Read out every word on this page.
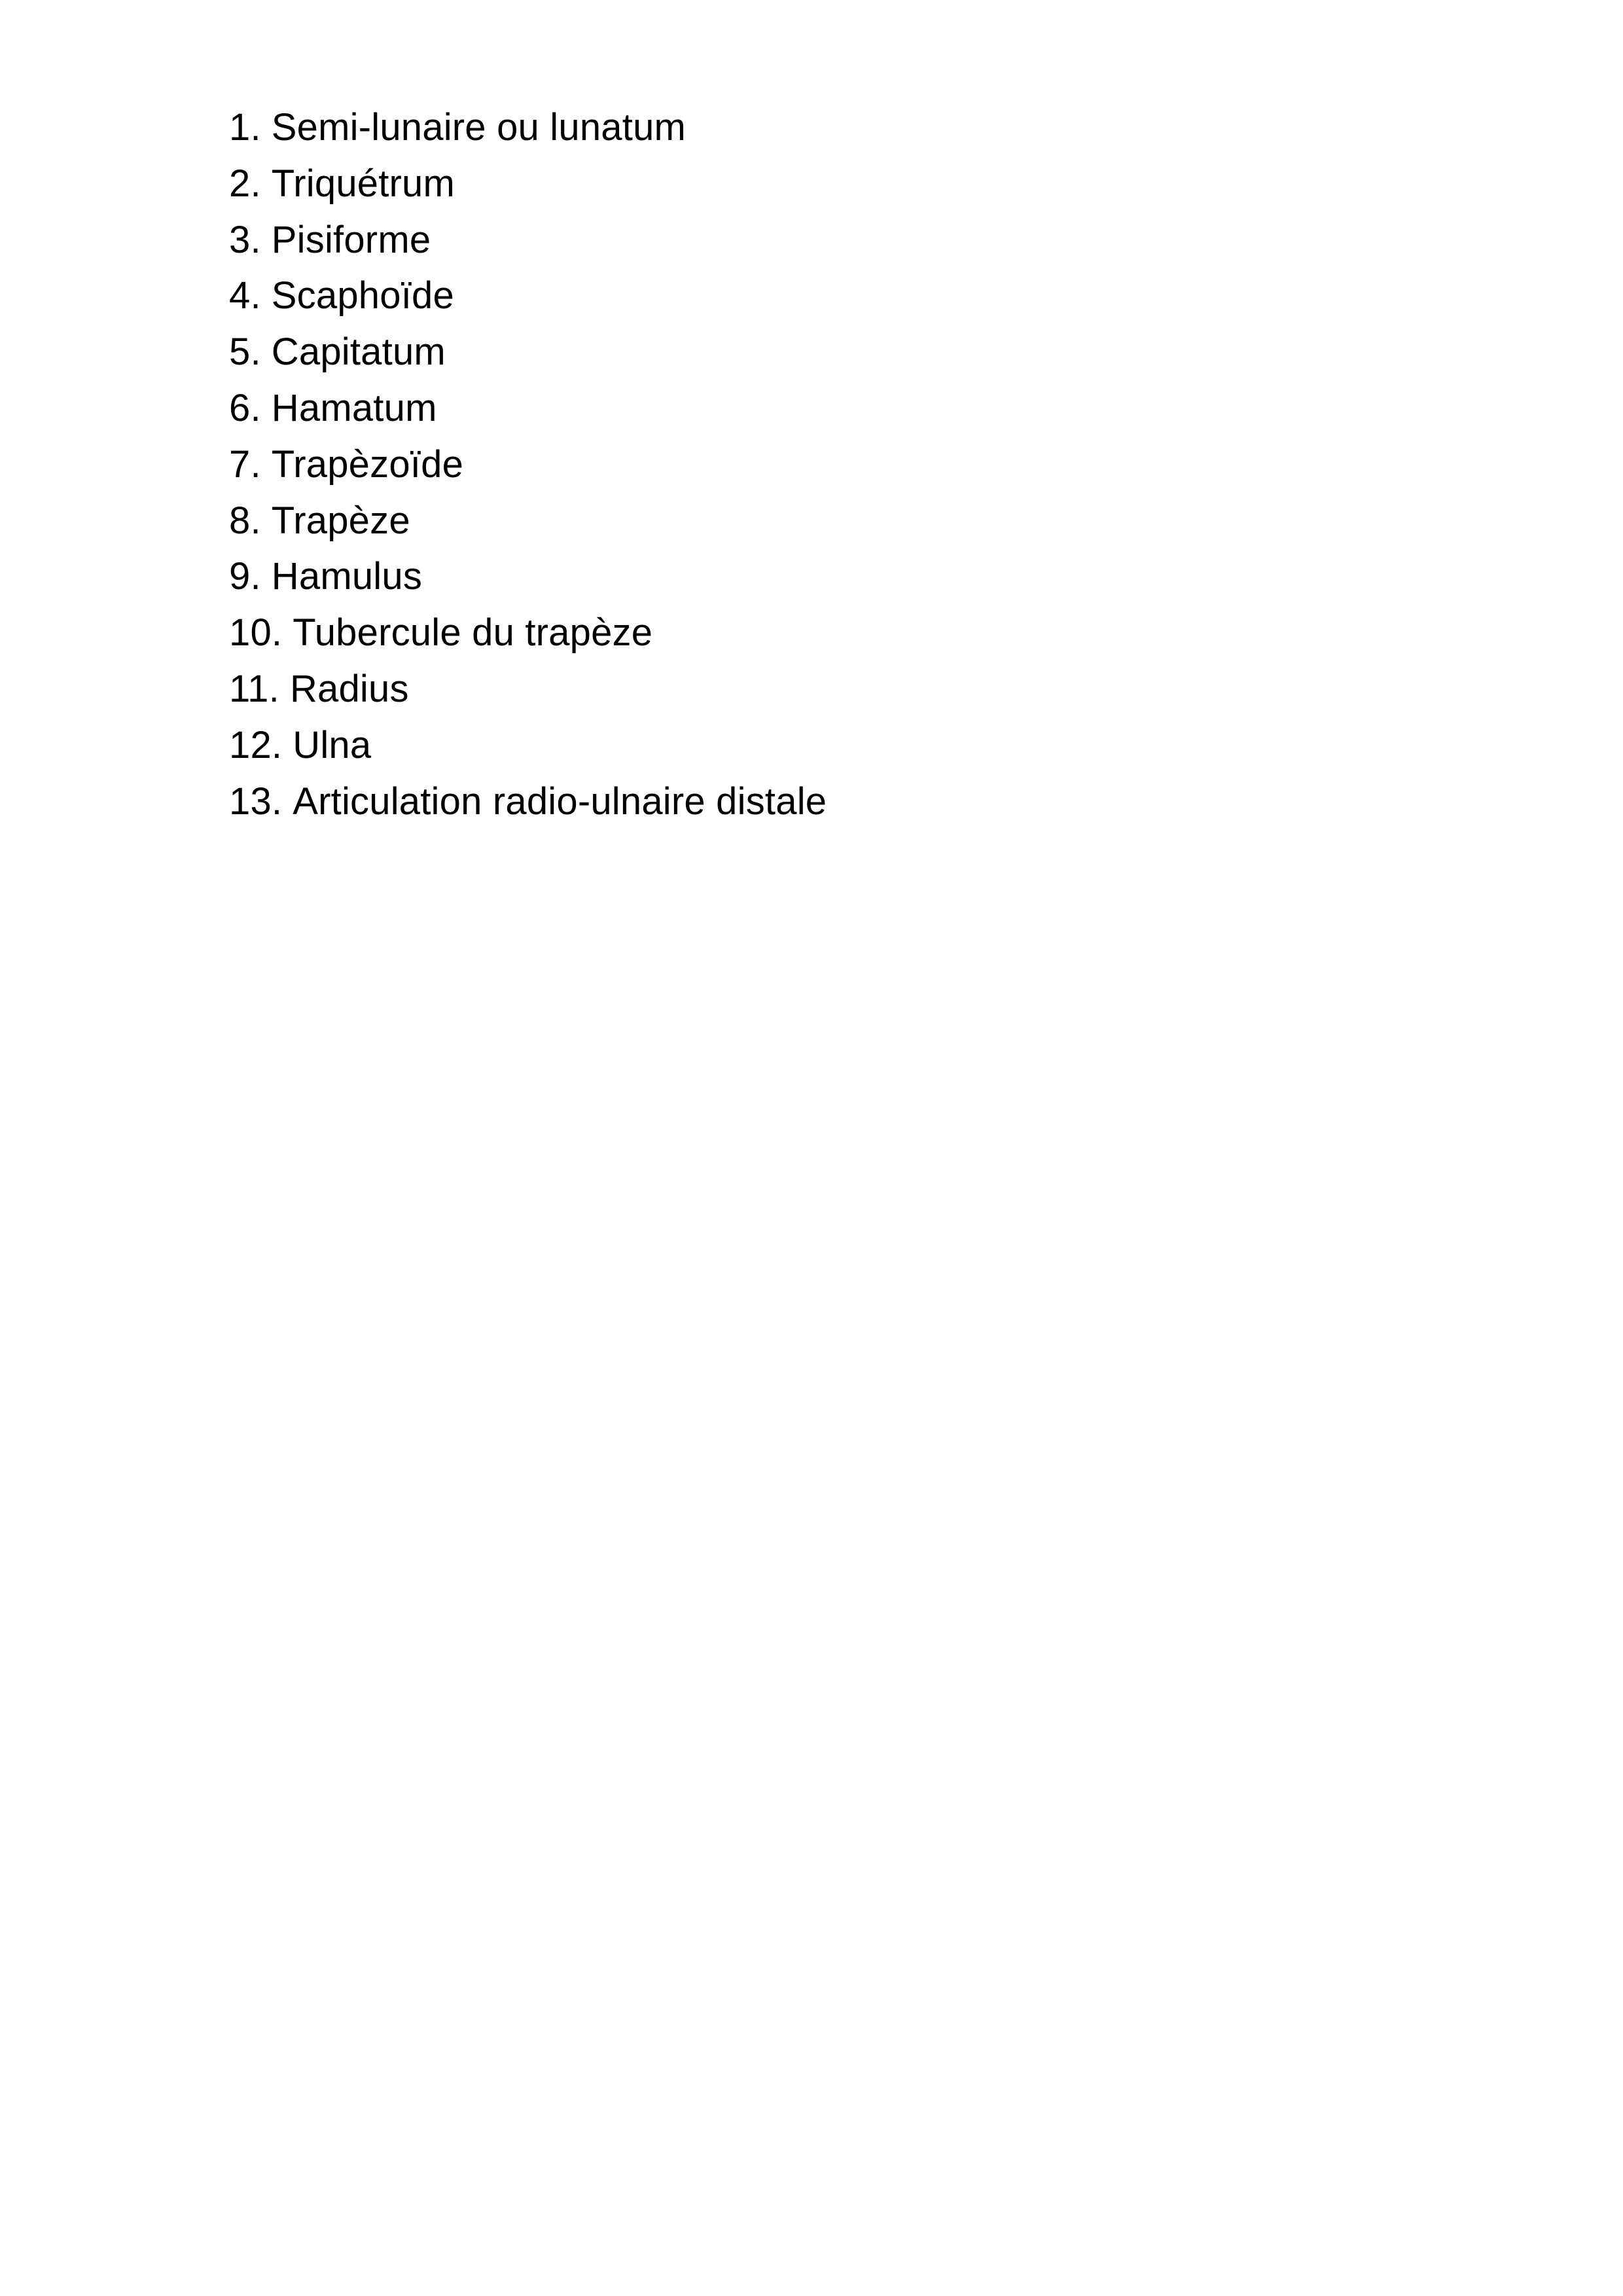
1. Semi-lunaire ou lunatum
2. Triquétrum
3. Pisiforme
4. Scaphoïde
5. Capitatum
6. Hamatum
7. Trapèzoïde
8. Trapèze
9. Hamulus
10. Tubercule du trapèze
11. Radius
12. Ulna
13. Articulation radio-ulnaire distale
